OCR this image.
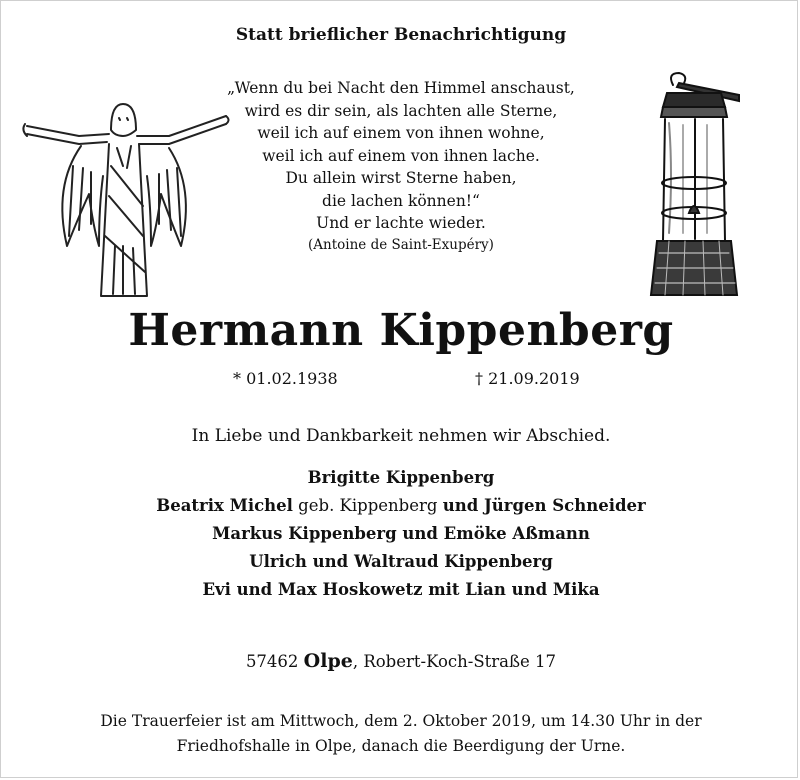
Statt brieflicher Benachrichtigung
„Wenn du bei Nacht den Himmel anschaust,
wird es dir sein, als lachten alle Sterne,
weil ich auf einem von ihnen wohne,
weil ich auf einem von ihnen lache.
Du allein wirst Sterne haben,
die lachen können!“
Und er lachte wieder.
(Antoine de Saint-Exupéry)
Hermann Kippenberg
* 01.02.1938	† 21.09.2019
In Liebe und Dankbarkeit nehmen wir Abschied.
Brigitte Kippenberg
Beatrix Michel geb. Kippenberg und Jürgen Schneider
Markus Kippenberg und Emöke Aßmann
Ulrich und Waltraud Kippenberg
Evi und Max Hoskowetz mit Lian und Mika
57462 Olpe, Robert-Koch-Straße 17
Die Trauerfeier ist am Mittwoch, dem 2. Oktober 2019, um 14.30 Uhr in der
Friedhofshalle in Olpe, danach die Beerdigung der Urne.
